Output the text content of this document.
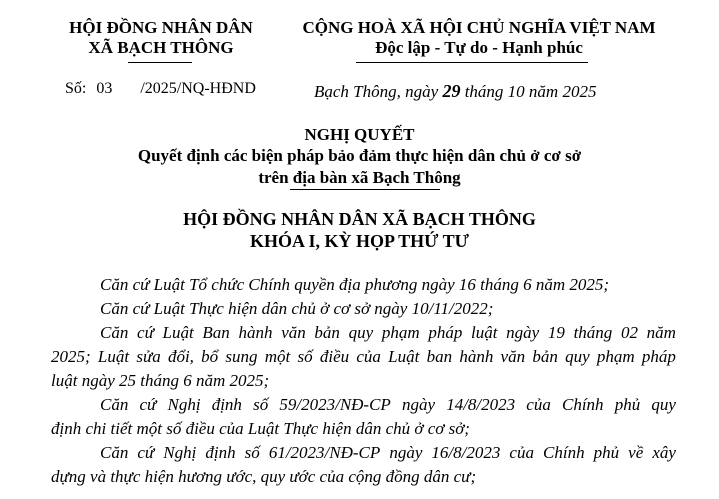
HỘI ĐỒNG NHÂN DÂN
XÃ BẠCH THÔNG
CỘNG HOÀ XÃ HỘI CHỦ NGHĨA VIỆT NAM
Độc lập - Tự do - Hạnh phúc
Số: 03 /2025/NQ-HĐND	Bạch Thông, ngày 29 tháng 10 năm 2025
NGHỊ QUYẾT
Quyết định các biện pháp bảo đảm thực hiện dân chủ ở cơ sở
trên địa bàn xã Bạch Thông
HỘI ĐỒNG NHÂN DÂN XÃ BẠCH THÔNG
KHÓA I, KỲ HỌP THỨ TƯ
Căn cứ Luật Tổ chức Chính quyền địa phương ngày 16 tháng 6 năm 2025;
Căn cứ Luật Thực hiện dân chủ ở cơ sở ngày 10/11/2022;
Căn cứ Luật Ban hành văn bản quy phạm pháp luật ngày 19 tháng 02 năm
2025; Luật sửa đổi, bổ sung một số điều của Luật ban hành văn bản quy phạm pháp
luật ngày 25 tháng 6 năm 2025;
Căn cứ Nghị định số 59/2023/NĐ-CP ngày 14/8/2023 của Chính phủ quy
định chi tiết một số điều của Luật Thực hiện dân chủ ở cơ sở;
Căn cứ Nghị định số 61/2023/NĐ-CP ngày 16/8/2023 của Chính phủ về xây
dựng và thực hiện hương ước, quy ước của cộng đồng dân cư;
